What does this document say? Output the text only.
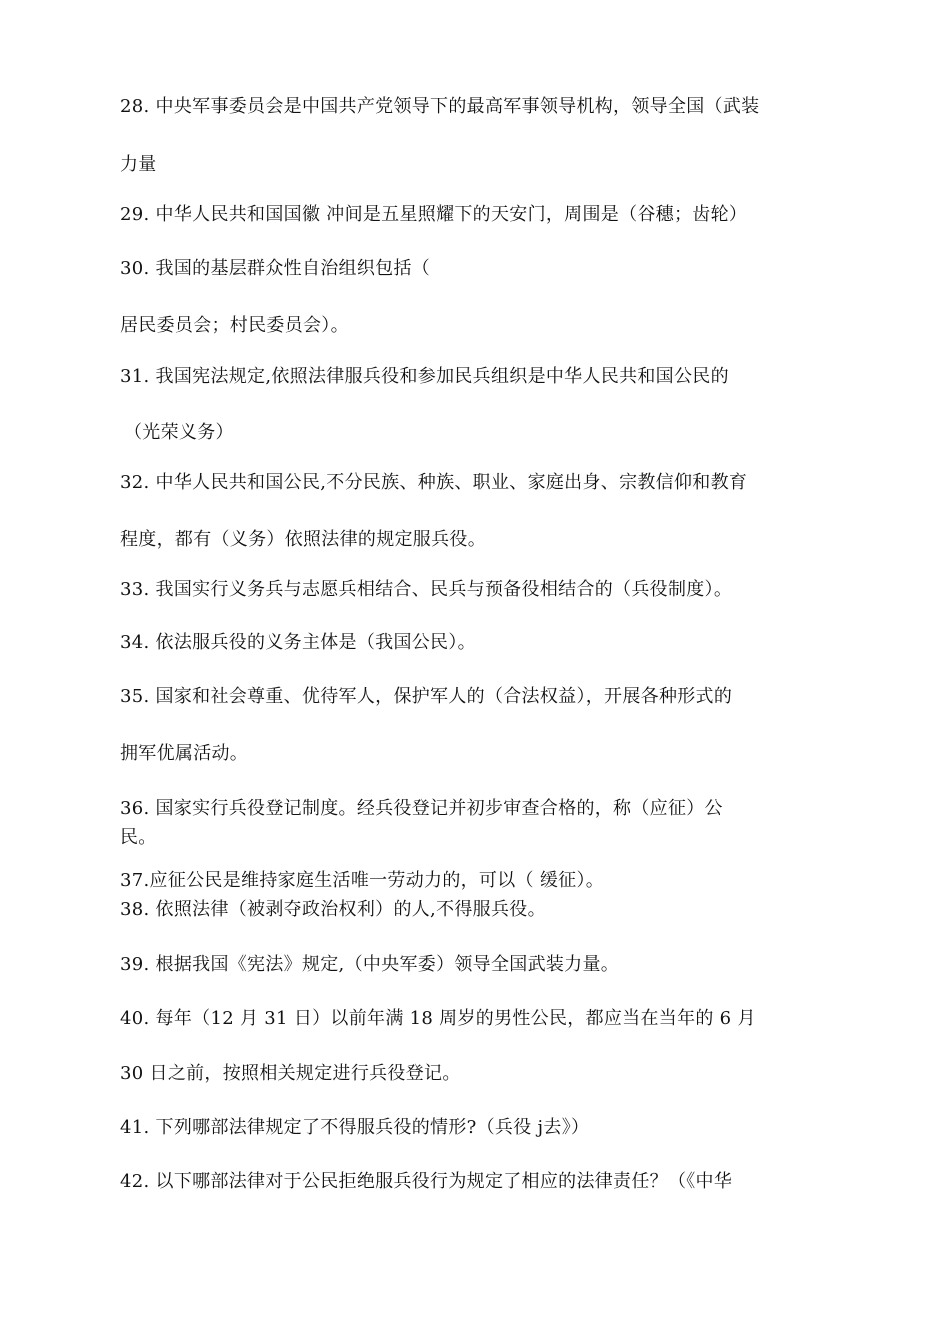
28. 中央军事委员会是中国共产党领导下的最高军事领导机构，领导全国（武装
力量
29. 中华人民共和国国徽 冲间是五星照耀下的天安门，周围是（谷穗；齿轮）
30. 我国的基层群众性自治组织包括（
居民委员会；村民委员会）。
31. 我国宪法规定,依照法律服兵役和参加民兵组织是中华人民共和国公民的
（光荣义务）
32. 中华人民共和国公民,不分民族、种族、职业、家庭出身、宗教信仰和教育
程度，都有（义务）依照法律的规定服兵役。
33. 我国实行义务兵与志愿兵相结合、民兵与预备役相结合的（兵役制度）。
34. 依法服兵役的义务主体是（我国公民）。
35. 国家和社会尊重、优待军人，保护军人的（合法权益），开展各种形式的
拥军优属活动。
36. 国家实行兵役登记制度。经兵役登记并初步审查合格的，称（应征）公
民。
37.应征公民是维持家庭生活唯一劳动力的，可以（ 缓征）。
38. 依照法律（被剥夺政治权利）的人,不得服兵役。
39. 根据我国《宪法》规定,（中央军委）领导全国武装力量。
40. 每年（12 月 31 日）以前年满 18 周岁的男性公民，都应当在当年的 6 月
30 日之前，按照相关规定进行兵役登记。
41. 下列哪部法律规定了不得服兵役的情形?（兵役 j去》）
42. 以下哪部法律对于公民拒绝服兵役行为规定了相应的法律责任？（《中华
